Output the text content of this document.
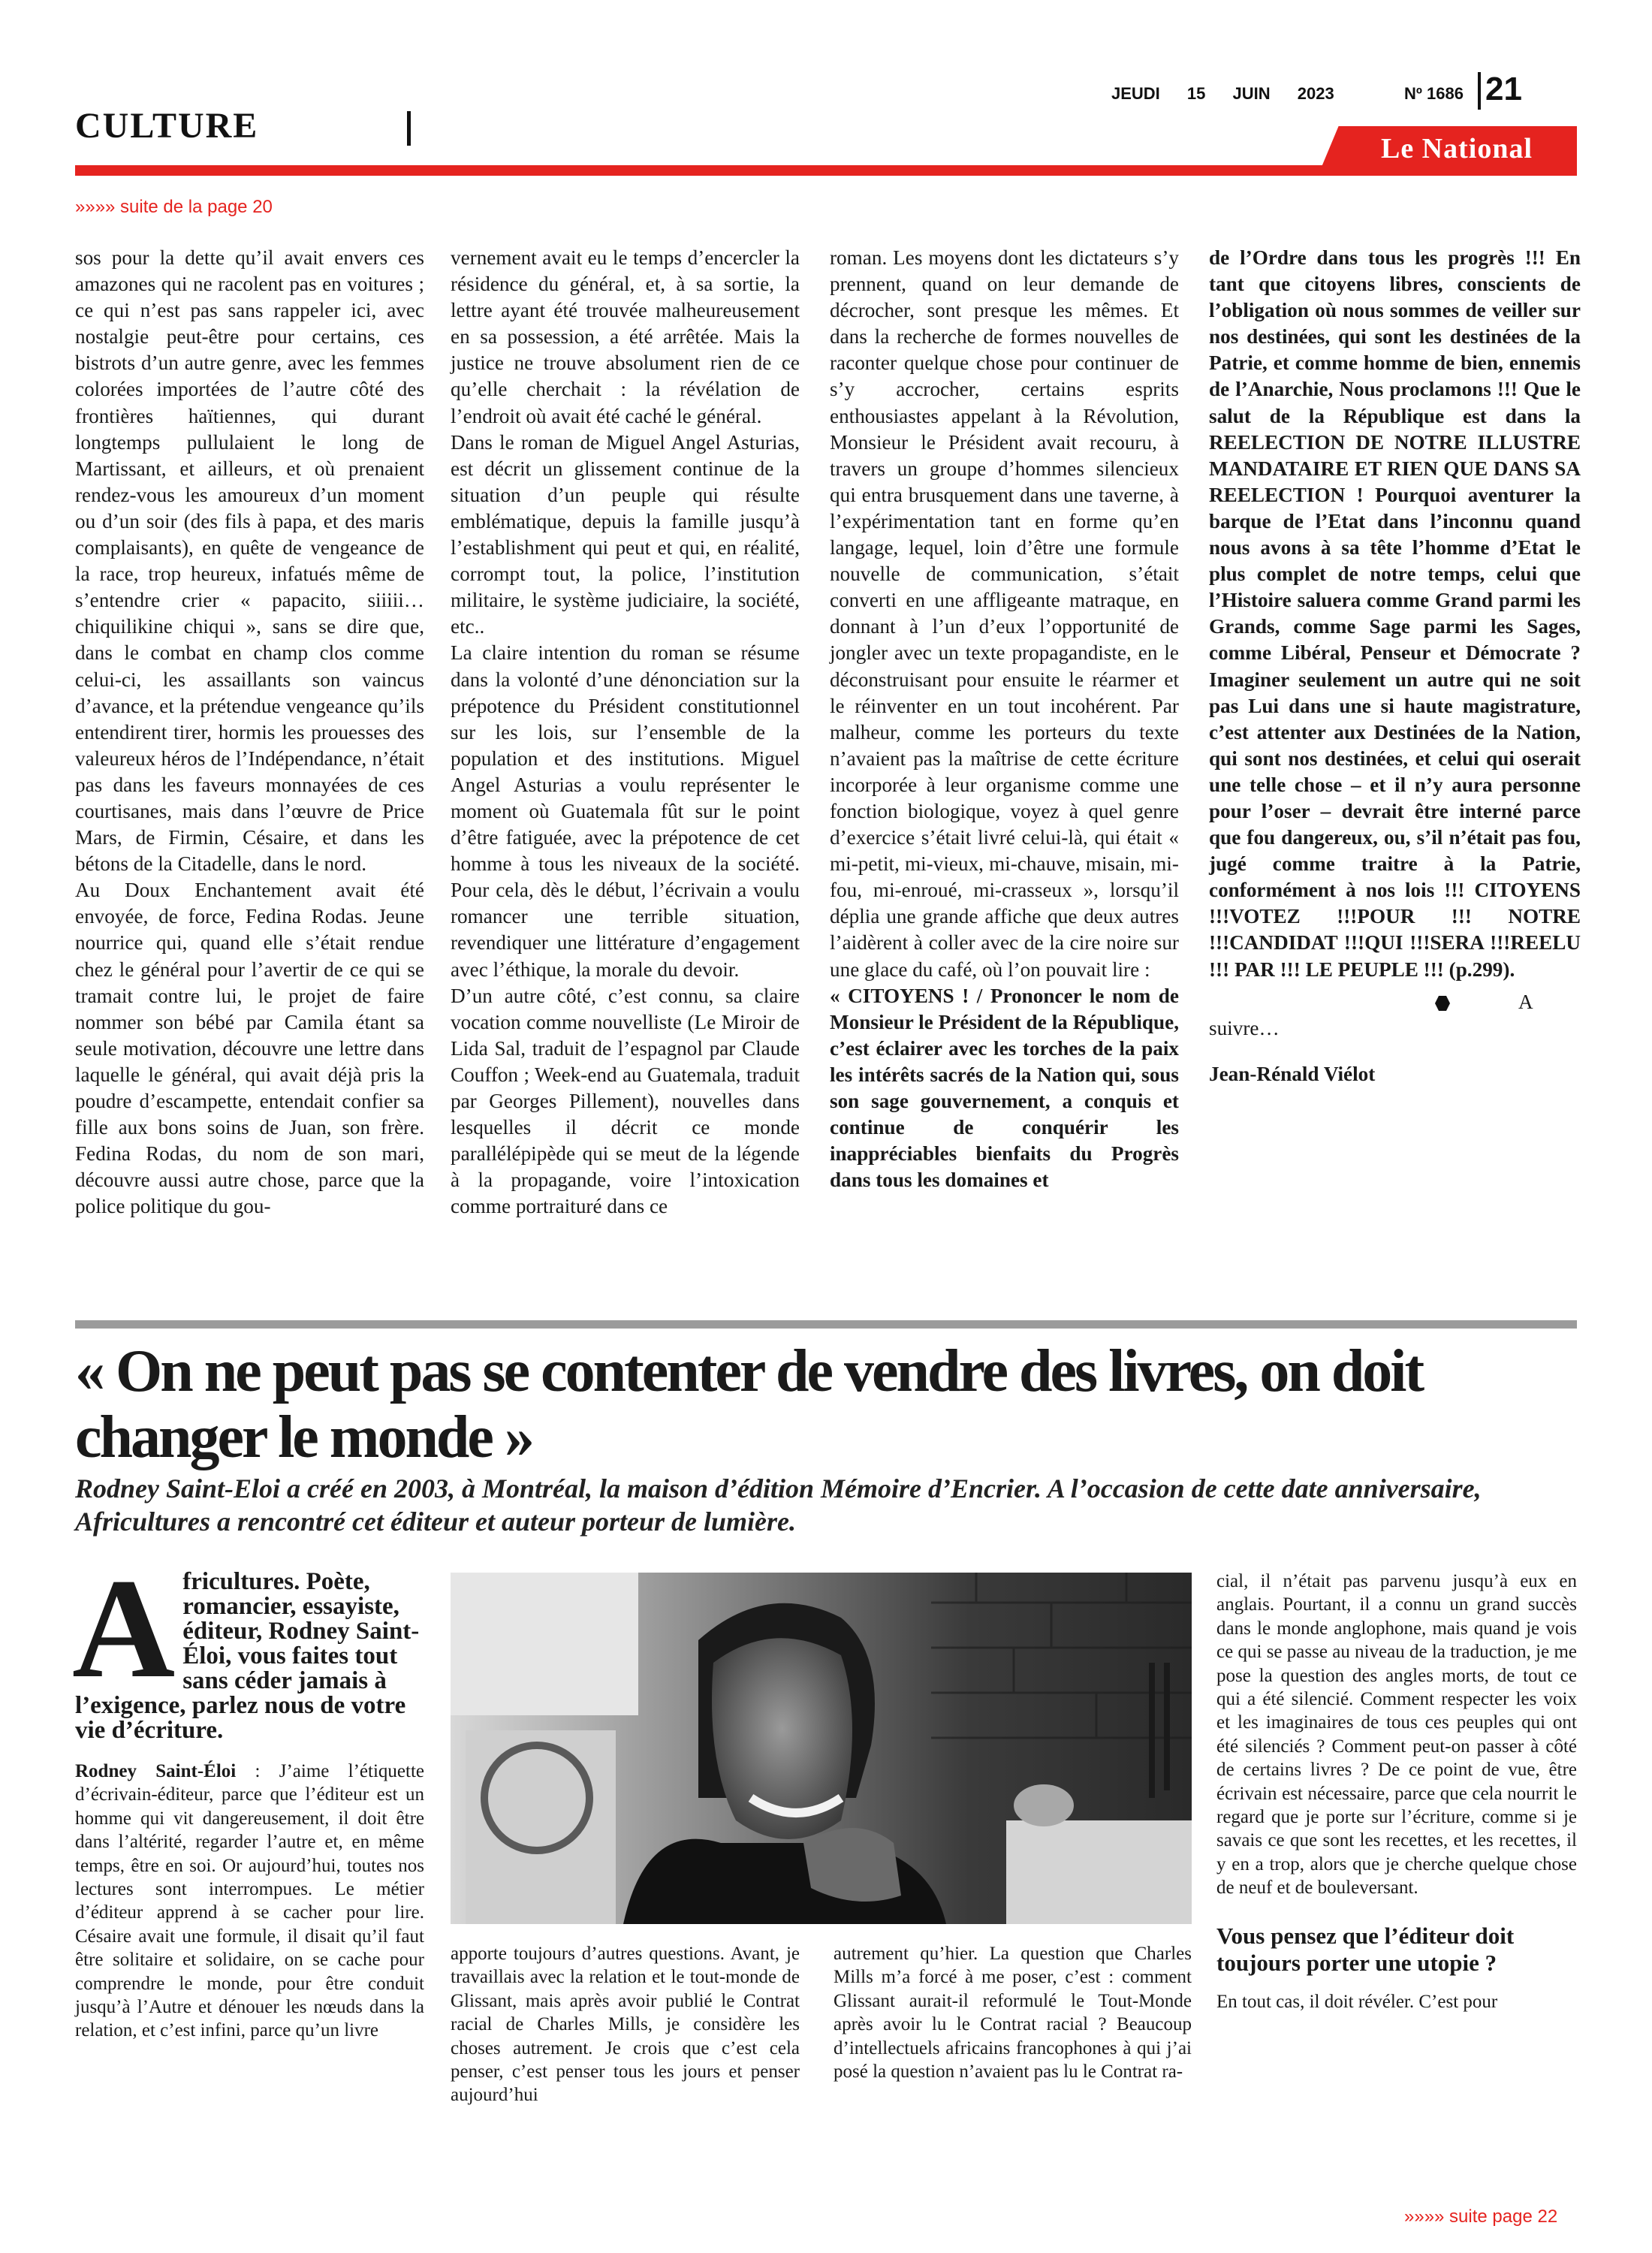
CULTURE
JEUDI 15 JUIN 2023	Nº 1686 21
Le National
»»»» suite de la page 20

sos pour la dette qu’il avait envers ces amazones qui ne racolent pas en voitures ; ce qui n’est pas sans rappeler ici, avec nostalgie peut-être pour certains, ces bistrots d’un autre genre, avec les femmes colorées importées de l’autre côté des frontières haïtiennes, qui durant longtemps pullulaient le long de Martissant, et ailleurs, et où prenaient rendez-vous les amoureux d’un moment ou d’un soir (des fils à papa, et des maris complaisants), en quête de vengeance de la race, trop heureux, infatués même de s’entendre crier « papacito, siiiii… chiquilikine chiqui », sans se dire que, dans le combat en champ clos comme celui-ci, les assaillants son vaincus d’avance, et la prétendue vengeance qu’ils entendirent tirer, hormis les prouesses des valeureux héros de l’Indépendance, n’était pas dans les faveurs monnayées de ces courtisanes, mais dans l’œuvre de Price Mars, de Firmin, Césaire, et dans les bétons de la Citadelle, dans le nord.

Au Doux Enchantement avait été envoyée, de force, Fedina Rodas. Jeune nourrice qui, quand elle s’était rendue chez le général pour l’avertir de ce qui se tramait contre lui, le projet de faire nommer son bébé par Camila étant sa seule motivation, découvre une lettre dans laquelle le général, qui avait déjà pris la poudre d’escampette, entendait confier sa fille aux bons soins de Juan, son frère. Fedina Rodas, du nom de son mari, découvre aussi autre chose, parce que la police politique du gou-

vernement avait eu le temps d’encercler la résidence du général, et, à sa sortie, la lettre ayant été trouvée malheureusement en sa possession, a été arrêtée. Mais la justice ne trouve absolument rien de ce qu’elle cherchait : la révélation de l’endroit où avait été caché le général.

Dans le roman de Miguel Angel Asturias, est décrit un glissement continue de la situation d’un peuple qui résulte emblématique, depuis la famille jusqu’à l’establishment qui peut et qui, en réalité, corrompt tout, la police, l’institution militaire, le système judiciaire, la société, etc..

La claire intention du roman se résume dans la volonté d’une dénonciation sur la prépotence du Président constitutionnel sur les lois, sur l’ensemble de la population et des institutions. Miguel Angel Asturias a voulu représenter le moment où Guatemala fût sur le point d’être fatiguée, avec la prépotence de cet homme à tous les niveaux de la société. Pour cela, dès le début, l’écrivain a voulu romancer une terrible situation, revendiquer une littérature d’engagement avec l’éthique, la morale du devoir.

D’un autre côté, c’est connu, sa claire vocation comme nouvelliste (Le Miroir de Lida Sal, traduit de l’espagnol par Claude Couffon ; Week-end au Guatemala, traduit par Georges Pillement), nouvelles dans lesquelles il décrit ce monde parallélépipède qui se meut de la légende à la propagande, voire l’intoxication comme portraituré dans ce

roman. Les moyens dont les dictateurs s’y prennent, quand on leur demande de décrocher, sont presque les mêmes. Et dans la recherche de formes nouvelles de raconter quelque chose pour continuer de s’y accrocher, certains esprits enthousiastes appelant à la Révolution, Monsieur le Président avait recouru, à travers un groupe d’hommes silencieux qui entra brusquement dans une taverne, à l’expérimentation tant en forme qu’en langage, lequel, loin d’être une formule nouvelle de communication, s’était converti en une affligeante matraque, en donnant à l’un d’eux l’opportunité de jongler avec un texte propagandiste, en le déconstruisant pour ensuite le réarmer et le réinventer en un tout incohérent. Par malheur, comme les porteurs du texte n’avaient pas la maîtrise de cette écriture incorporée à leur organisme comme une fonction biologique, voyez à quel genre d’exercice s’était livré celui-là, qui était « mi-petit, mi-vieux, mi-chauve, misain, mi-fou, mi-enroué, mi-crasseux », lorsqu’il déplia une grande affiche que deux autres l’aidèrent à coller avec de la cire noire sur une glace du café, où l’on pouvait lire :

« CITOYENS ! / Prononcer le nom de Monsieur le Président de la République, c’est éclairer avec les torches de la paix les intérêts sacrés de la Nation qui, sous son sage gouvernement, a conquis et continue de conquérir les inappréciables bienfaits du Progrès dans tous les domaines et

de l’Ordre dans tous les progrès !!! En tant que citoyens libres, conscients de l’obligation où nous sommes de veiller sur nos destinées, qui sont les destinées de la Patrie, et comme homme de bien, ennemis de l’Anarchie, Nous proclamons !!! Que le salut de la République est dans la REELECTION DE NOTRE ILLUSTRE MANDATAIRE ET RIEN QUE DANS SA REELECTION ! Pourquoi aventurer la barque de l’Etat dans l’inconnu quand nous avons à sa tête l’homme d’Etat le plus complet de notre temps, celui que l’Histoire saluera comme Grand parmi les Grands, comme Sage parmi les Sages, comme Libéral, Penseur et Démocrate ? Imaginer seulement un autre qui ne soit pas Lui dans une si haute magistrature, c’est attenter aux Destinées de la Nation, qui sont nos destinées, et celui qui oserait une telle chose – et il n’y aura personne pour l’oser – devrait être interné parce que fou dangereux, ou, s’il n’était pas fou, jugé comme traitre à la Patrie, conformément à nos lois !!! CITOYENS !!!VOTEZ !!!POUR !!! NOTRE !!!CANDIDAT !!!QUI !!!SERA !!!REELU !!! PAR !!! LE PEUPLE !!! (p.299).

A suivre…

Jean-Rénald Viélot

« On ne peut pas se contenter de vendre des livres, on doit changer le monde »
Rodney Saint-Eloi a créé en 2003, à Montréal, la maison d’édition Mémoire d’Encrier. A l’occasion de cette date anniversaire, Africultures a rencontré cet éditeur et auteur porteur de lumière.

Africultures. Poète, romancier, essayiste, éditeur, Rodney Saint-Éloi, vous faites tout sans céder jamais à l’exigence, parlez nous de votre vie d’écriture.

Rodney Saint-Éloi : J’aime l’étiquette d’écrivain-éditeur, parce que l’éditeur est un homme qui vit dangereusement, il doit être dans l’altérité, regarder l’autre et, en même temps, être en soi. Or aujourd’hui, toutes nos lectures sont interrompues. Le métier d’éditeur apprend à se cacher pour lire. Césaire avait une formule, il disait qu’il faut être solitaire et solidaire, on se cache pour comprendre le monde, pour être conduit jusqu’à l’Autre et dénouer les nœuds dans la relation, et c’est infini, parce qu’un livre

apporte toujours d’autres questions. Avant, je travaillais avec la relation et le tout-monde de Glissant, mais après avoir publié le Contrat racial de Charles Mills, je considère les choses autrement. Je crois que c’est cela penser, c’est penser tous les jours et penser aujourd’hui

autrement qu’hier. La question que Charles Mills m’a forcé à me poser, c’est : comment Glissant aurait-il reformulé le Tout-Monde après avoir lu le Contrat racial ? Beaucoup d’intellectuels africains francophones à qui j’ai posé la question n’avaient pas lu le Contrat ra-

cial, il n’était pas parvenu jusqu’à eux en anglais. Pourtant, il a connu un grand succès dans le monde anglophone, mais quand je vois ce qui se passe au niveau de la traduction, je me pose la question des angles morts, de tout ce qui a été silencié. Comment respecter les voix et les imaginaires de tous ces peuples qui ont été silenciés ? Comment peut-on passer à côté de certains livres ? De ce point de vue, être écrivain est nécessaire, parce que cela nourrit le regard que je porte sur l’écriture, comme si je savais ce que sont les recettes, et les recettes, il y en a trop, alors que je cherche quelque chose de neuf et de bouleversant.

Vous pensez que l’éditeur doit toujours porter une utopie ?

En tout cas, il doit révéler. C’est pour

»»»» suite page 22
